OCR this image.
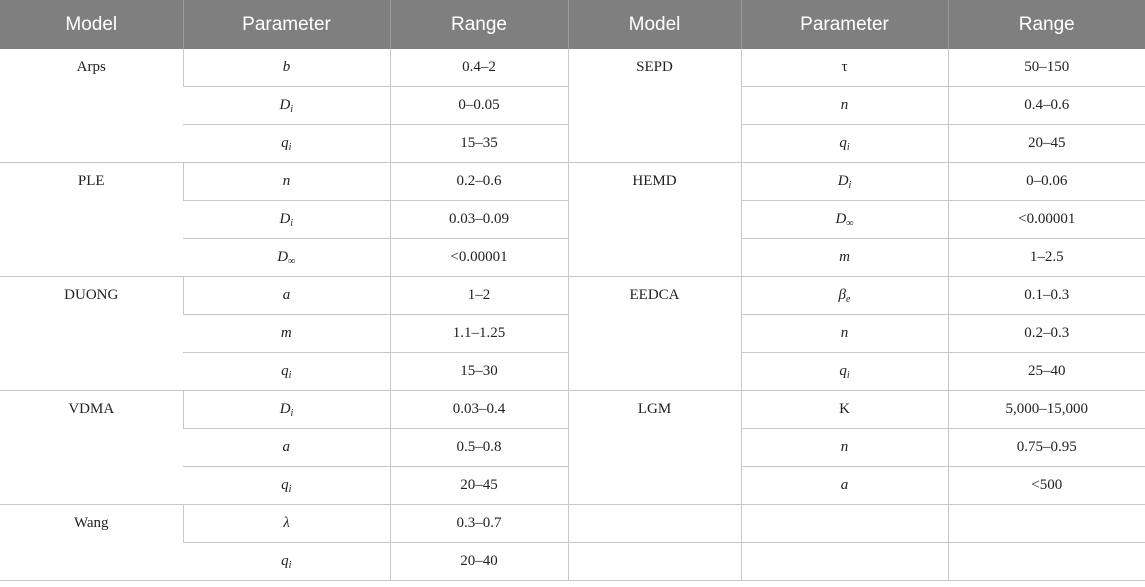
Model	Parameter	Range	Model	Parameter	Range
Arps	b	0.4–2	SEPD	τ	50–150
	$D_i$	0–0.05		n	0.4–0.6
	$q_i$	15–35		$q_i$	20–45
PLE	n	0.2–0.6	HEMD	$D_i$	0–0.06
	$D_i$	0.03–0.09		$D_\infty$	<0.00001
	$D_\infty$	<0.00001		m	1–2.5
DUONG	a	1–2	EEDCA	$\beta_e$	0.1–0.3
	m	1.1–1.25		n	0.2–0.3
	$q_i$	15–30		$q_i$	25–40
VDMA	$D_i$	0.03–0.4	LGM	K	5,000–15,000
	a	0.5–0.8		n	0.75–0.95
	$q_i$	20–45		a	<500
Wang	λ	0.3–0.7			
	$q_i$	20–40			
